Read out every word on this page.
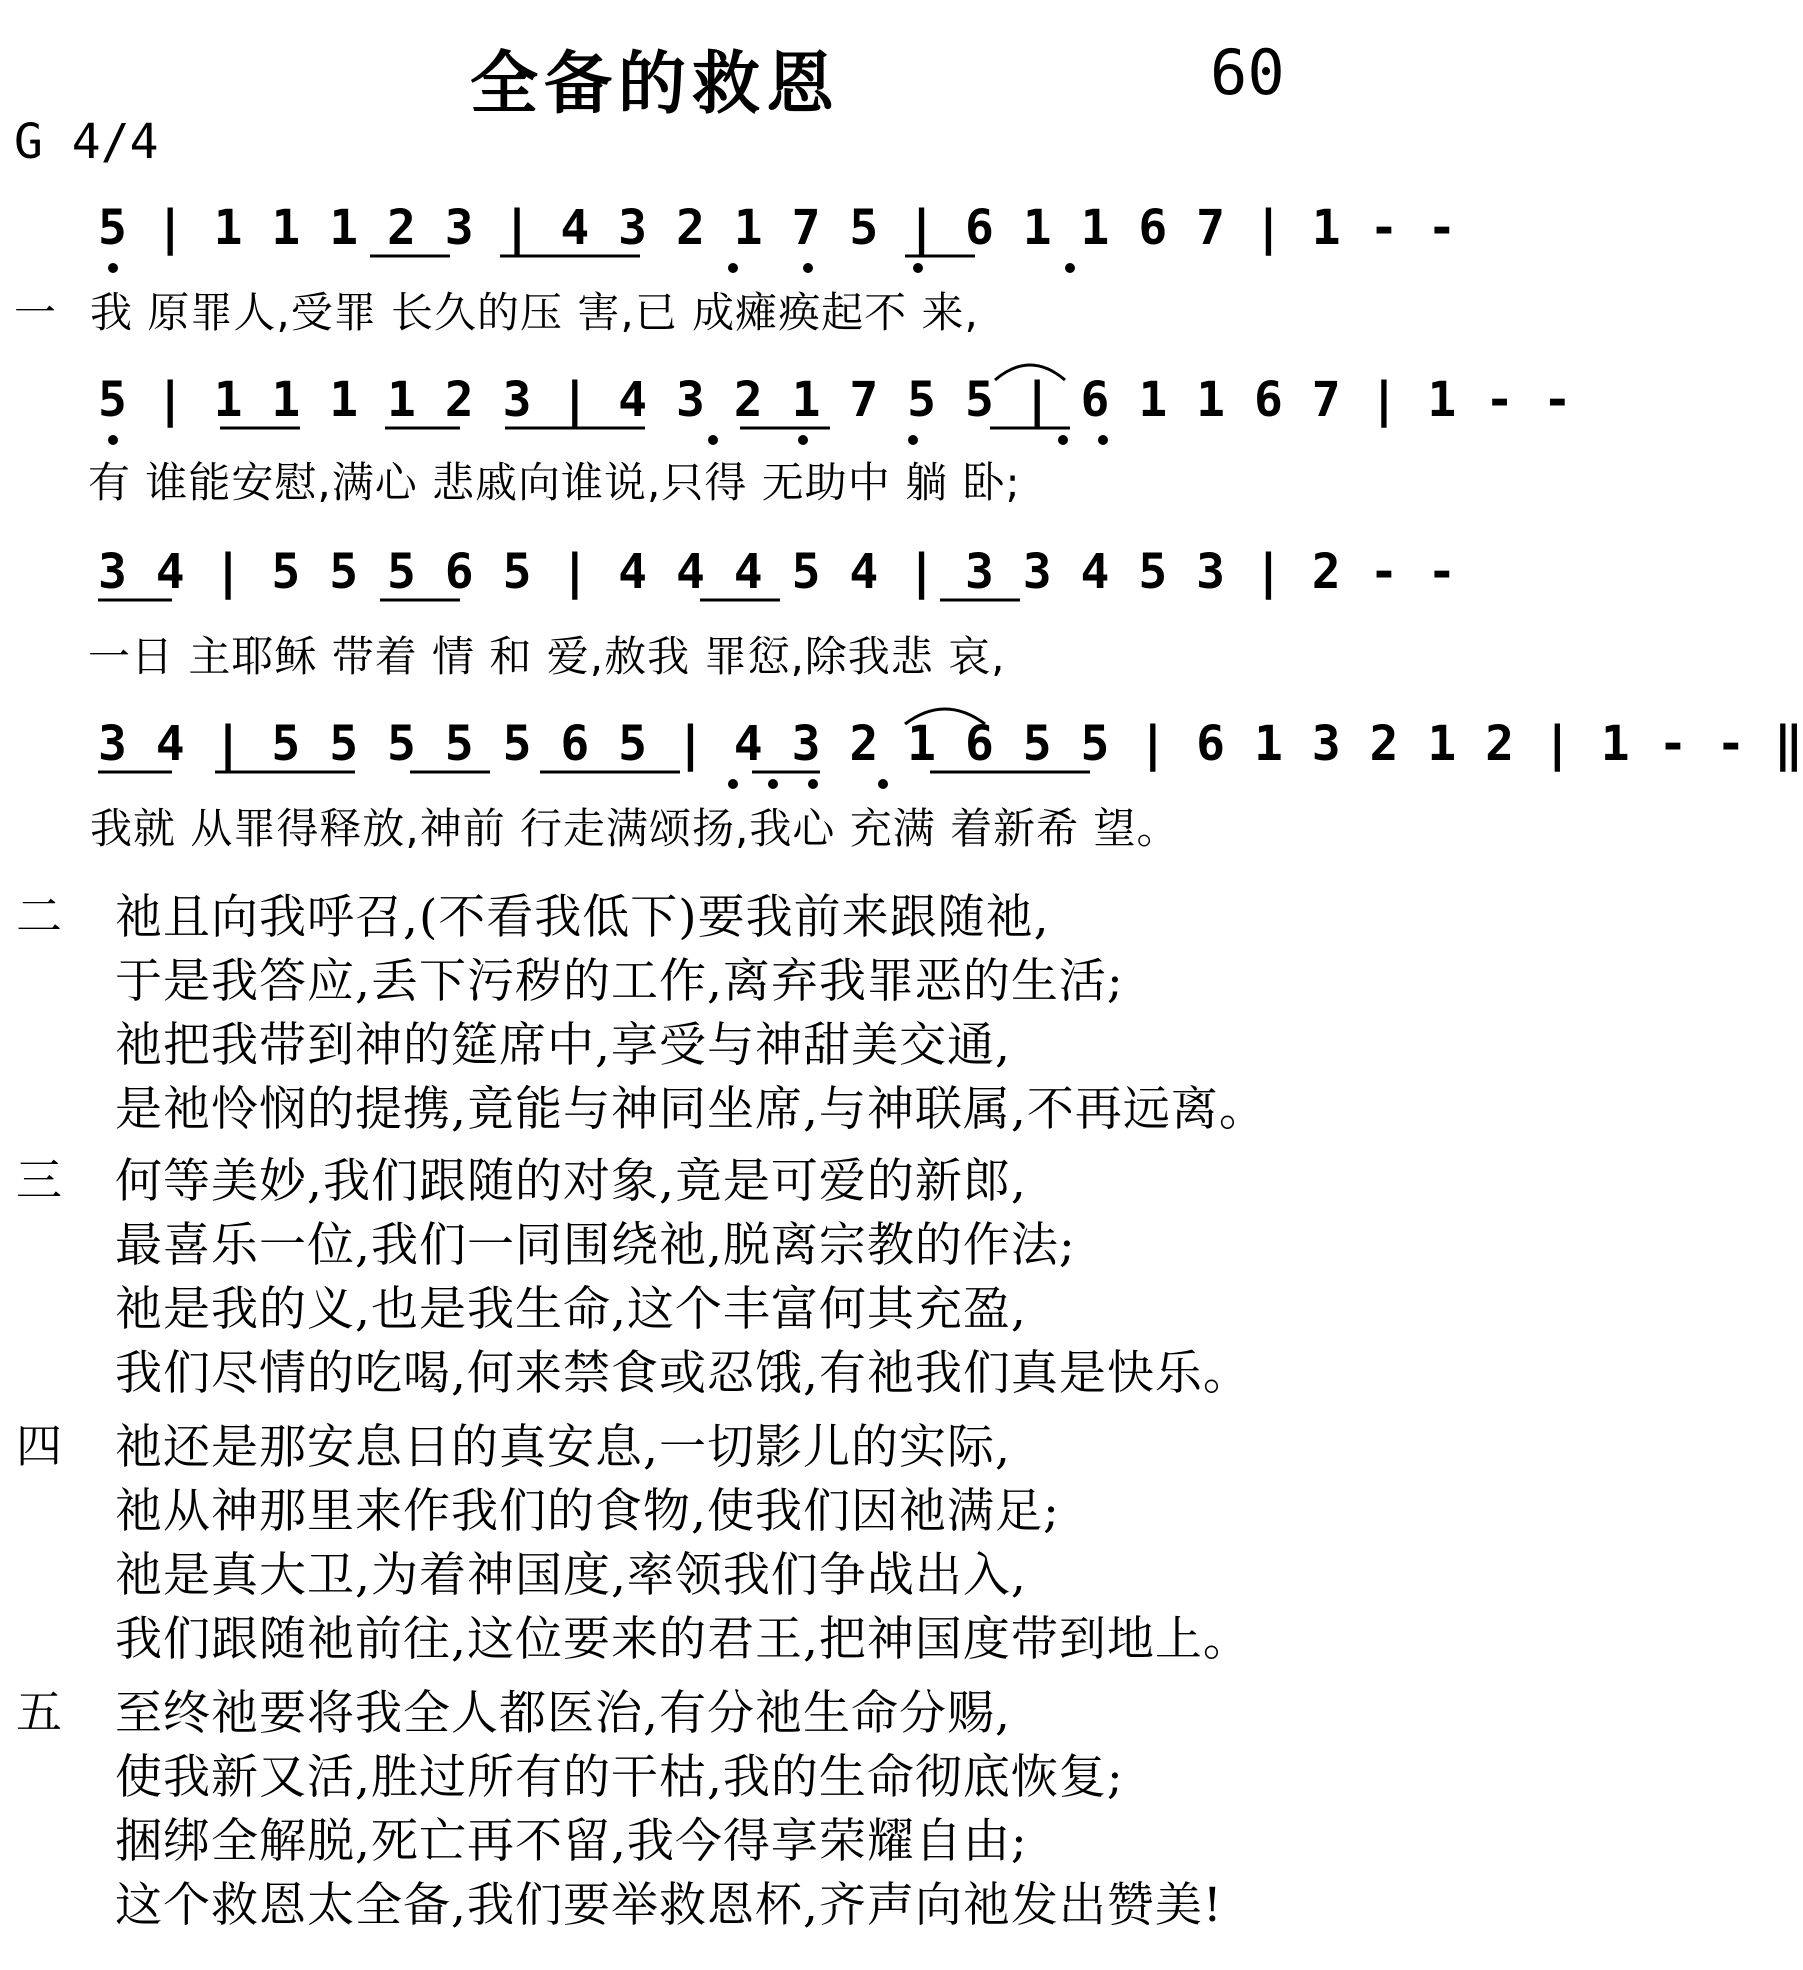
全备的救恩	60
G 4/4
5 | 1 1 1 2 3 | 4 3 2 1 7 5 | 6 1 1 6 7 | 1 - -
一 我 原罪人,受罪 长久的压 害,已 成瘫痪起不 来,
5 | 1 1 1 1 2 3 | 4 3 2 1 7 5 5 | 6 1 1 6 7 | 1 - -
有 谁能安慰,满心 悲戚向谁说,只得 无助中 躺 卧;
3 4 | 5 5 5 6 5 | 4 4 4 5 4 | 3 3 4 5 3 | 2 - -
一日 主耶稣 带着 情 和 爱,赦我 罪愆,除我悲 哀,
3 4 | 5 5 5 5 5 6 5 | 4 3 2 1 6 5 5 | 6 1 3 2 1 2 | 1 - - ‖
我就 从罪得释放,神前 行走满颂扬,我心 充满 着新希 望。
二 祂且向我呼召,(不看我低下)要我前来跟随祂,
于是我答应,丢下污秽的工作,离弃我罪恶的生活;
祂把我带到神的筵席中,享受与神甜美交通,
是祂怜悯的提携,竟能与神同坐席,与神联属,不再远离。
三 何等美妙,我们跟随的对象,竟是可爱的新郎,
最喜乐一位,我们一同围绕祂,脱离宗教的作法;
祂是我的义,也是我生命,这个丰富何其充盈,
我们尽情的吃喝,何来禁食或忍饿,有祂我们真是快乐。
四 祂还是那安息日的真安息,一切影儿的实际,
祂从神那里来作我们的食物,使我们因祂满足;
祂是真大卫,为着神国度,率领我们争战出入,
我们跟随祂前往,这位要来的君王,把神国度带到地上。
五 至终祂要将我全人都医治,有分祂生命分赐,
使我新又活,胜过所有的干枯,我的生命彻底恢复;
捆绑全解脱,死亡再不留,我今得享荣耀自由;
这个救恩太全备,我们要举救恩杯,齐声向祂发出赞美!
